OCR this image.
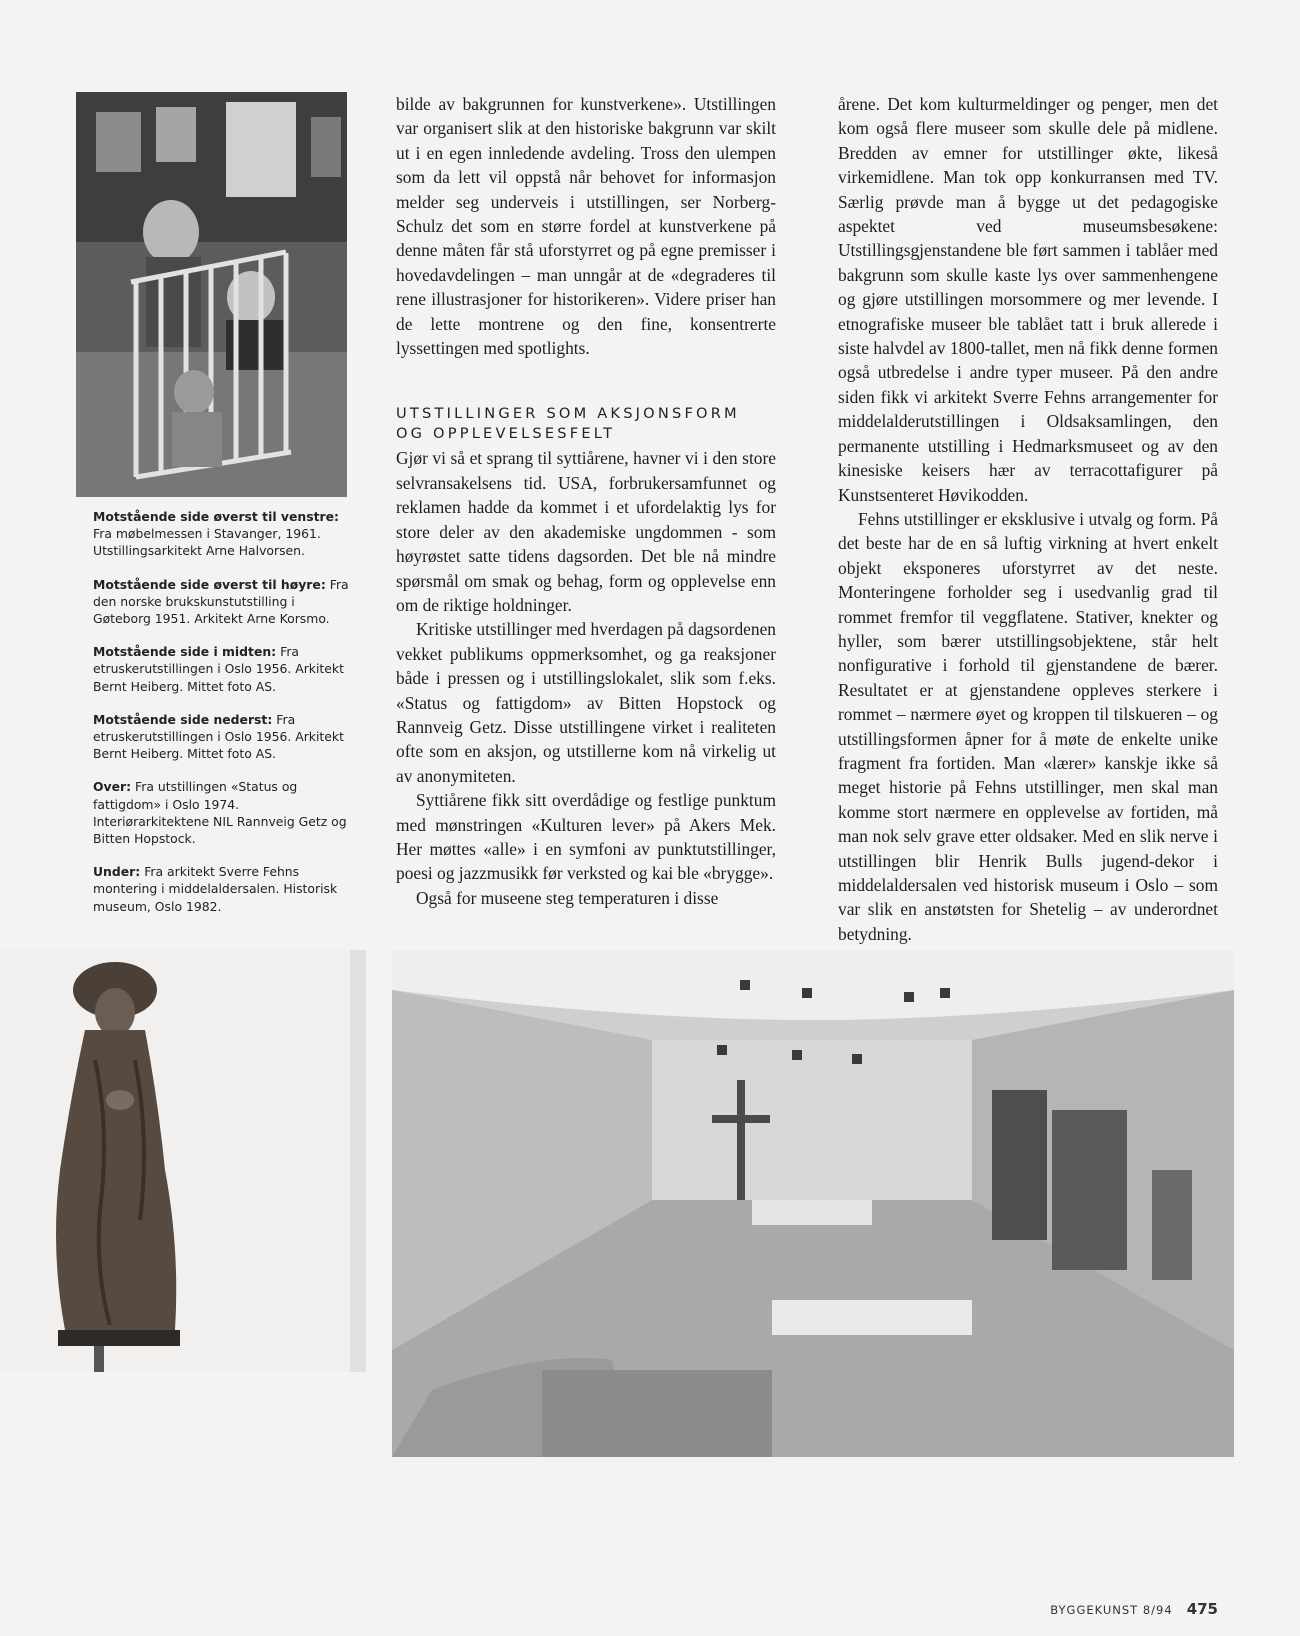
Motstående side øverst til venstre: Fra møbelmessen i Stavanger, 1961. Utstillingsarkitekt Arne Halvorsen.

Motstående side øverst til høyre: Fra den norske brukskunstutstilling i Gøteborg 1951. Arkitekt Arne Korsmo.

Motstående side i midten: Fra etruskerutstillingen i Oslo 1956. Arkitekt Bernt Heiberg. Mittet foto AS.

Motstående side nederst: Fra etruskerutstillingen i Oslo 1956. Arkitekt Bernt Heiberg. Mittet foto AS.

Over: Fra utstillingen «Status og fattigdom» i Oslo 1974. Interiørarkitektene NIL Rannveig Getz og Bitten Hopstock.

Under: Fra arkitekt Sverre Fehns montering i middelaldersalen. Historisk museum, Oslo 1982.

bilde av bakgrunnen for kunstverkene». Utstillingen var organisert slik at den historiske bakgrunn var skilt ut i en egen innledende avdeling. Tross den ulempen som da lett vil oppstå når behovet for informasjon melder seg underveis i utstillingen, ser Norberg-Schulz det som en større fordel at kunstverkene på denne måten får stå uforstyrret og på egne premisser i hovedavdelingen – man unngår at de «degraderes til rene illustrasjoner for historikeren». Videre priser han de lette montrene og den fine, konsentrerte lyssettingen med spotlights.

UTSTILLINGER SOM AKSJONSFORM OG OPPLEVELSESFELT

Gjør vi så et sprang til syttiårene, havner vi i den store selvransakelsens tid. USA, forbrukersamfunnet og reklamen hadde da kommet i et ufordelaktig lys for store deler av den akademiske ungdommen - som høyrøstet satte tidens dagsorden. Det ble nå mindre spørsmål om smak og behag, form og opplevelse enn om de riktige holdninger.

Kritiske utstillinger med hverdagen på dagsordenen vekket publikums oppmerksomhet, og ga reaksjoner både i pressen og i utstillingslokalet, slik som f.eks. «Status og fattigdom» av Bitten Hopstock og Rannveig Getz. Disse utstillingene virket i realiteten ofte som en aksjon, og utstillerne kom nå virkelig ut av anonymiteten.

Syttiårene fikk sitt overdådige og festlige punktum med mønstringen «Kulturen lever» på Akers Mek. Her møttes «alle» i en symfoni av punktutstillinger, poesi og jazzmusikk før verksted og kai ble «brygge».

Også for museene steg temperaturen i disse

årene. Det kom kulturmeldinger og penger, men det kom også flere museer som skulle dele på midlene. Bredden av emner for utstillinger økte, likeså virkemidlene. Man tok opp konkurransen med TV. Særlig prøvde man å bygge ut det pedagogiske aspektet ved museumsbesøkene: Utstillingsgjenstandene ble ført sammen i tablåer med bakgrunn som skulle kaste lys over sammenhengene og gjøre utstillingen morsommere og mer levende. I etnografiske museer ble tablået tatt i bruk allerede i siste halvdel av 1800-tallet, men nå fikk denne formen også utbredelse i andre typer museer. På den andre siden fikk vi arkitekt Sverre Fehns arrangementer for middelalderutstillingen i Oldsaksamlingen, den permanente utstilling i Hedmarksmuseet og av den kinesiske keisers hær av terracottafigurer på Kunstsenteret Høvikodden.

Fehns utstillinger er eksklusive i utvalg og form. På det beste har de en så luftig virkning at hvert enkelt objekt eksponeres uforstyrret av det neste. Monteringene forholder seg i usedvanlig grad til rommet fremfor til veggflatene. Stativer, knekter og hyller, som bærer utstillingsobjektene, står helt nonfigurative i forhold til gjenstandene de bærer. Resultatet er at gjenstandene oppleves sterkere i rommet – nærmere øyet og kroppen til tilskueren – og utstillingsformen åpner for å møte de enkelte unike fragment fra fortiden. Man «lærer» kanskje ikke så meget historie på Fehns utstillinger, men skal man komme stort nærmere en opplevelse av fortiden, må man nok selv grave etter oldsaker. Med en slik nerve i utstillingen blir Henrik Bulls jugend-dekor i middelaldersalen ved historisk museum i Oslo – som var slik en anstøtsten for Shetelig – av underordnet betydning.

BYGGEKUNST 8/94 475
